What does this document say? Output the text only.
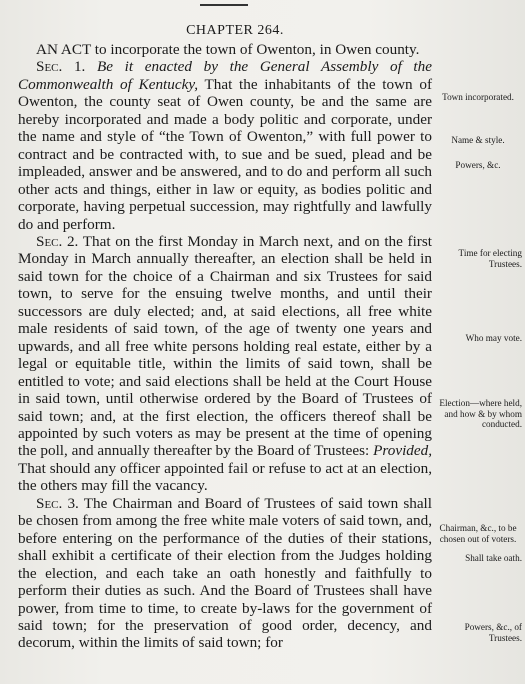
CHAPTER 264.

AN ACT to incorporate the town of Owenton, in Owen county.

Sec. 1. Be it enacted by the General Assembly of the Commonwealth of Kentucky, That the inhabitants of the town of Owenton, the county seat of Owen county, be and the same are hereby incorporated and made a body politic and corporate, under the name and style of “the Town of Owenton,” with full power to contract and be contracted with, to sue and be sued, plead and be impleaded, answer and be answered, and to do and perform all such other acts and things, either in law or equity, as bodies politic and corporate, having perpetual succession, may rightfully and lawfully do and perform.

Sec. 2. That on the first Monday in March next, and on the first Monday in March annually thereafter, an election shall be held in said town for the choice of a Chairman and six Trustees for said town, to serve for the ensuing twelve months, and until their successors are duly elected; and, at said elections, all free white male residents of said town, of the age of twenty one years and upwards, and all free white persons holding real estate, either by a legal or equitable title, within the limits of said town, shall be entitled to vote; and said elections shall be held at the Court House in said town, until otherwise ordered by the Board of Trustees of said town; and, at the first election, the officers thereof shall be appointed by such voters as may be present at the time of opening the poll, and annually thereafter by the Board of Trustees: Provided, That should any officer appointed fail or refuse to act at an election, the others may fill the vacancy.

Sec. 3. The Chairman and Board of Trustees of said town shall be chosen from among the free white male voters of said town, and, before entering on the performance of the duties of their stations, shall exhibit a certificate of their election from the Judges holding the election, and each take an oath honestly and faithfully to perform their duties as such. And the Board of Trustees shall have power, from time to time, to create by-laws for the government of said town; for the preservation of good order, decency, and decorum, within the limits of said town; for

Town incorporated.
Name & style.
Powers, &c.
Time for electing Trustees.
Who may vote.
Election—where held, and how & by whom conducted.
Chairman, &c., to be chosen out of voters.
Shall take oath.
Powers, &c., of Trustees.
